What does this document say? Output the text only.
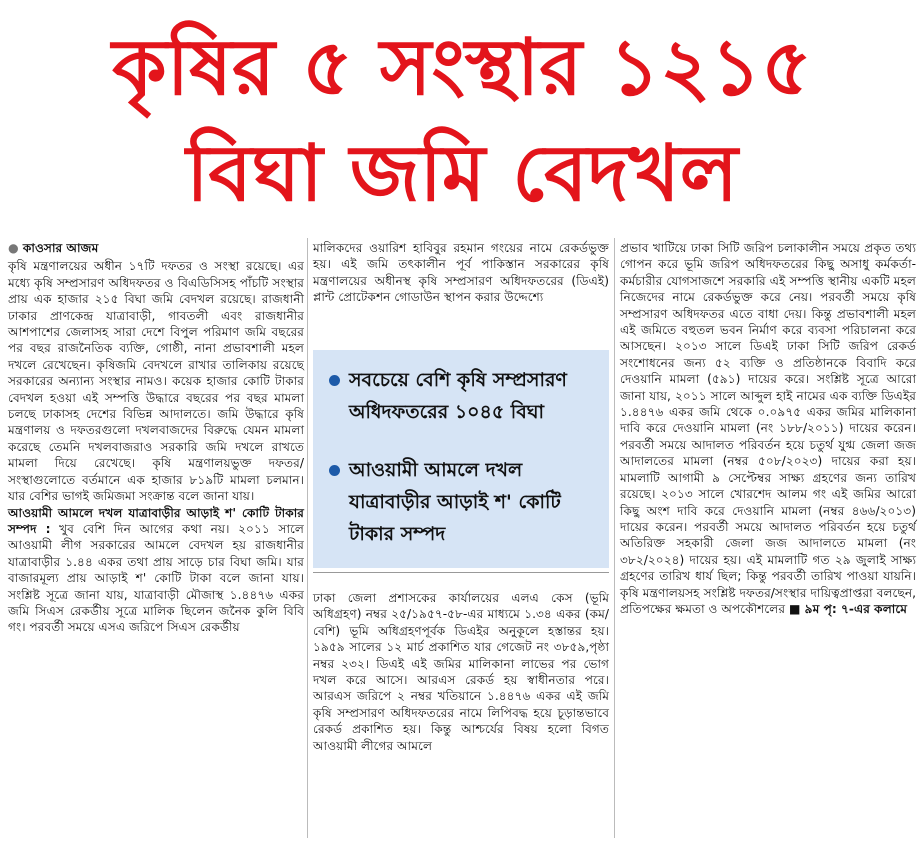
কৃষির ৫ সংস্থার ১২১৫
বিঘা জমি বেদখল
● কাওসার আজম

কৃষি মন্ত্রণালয়ের অধীন ১৭টি দফতর ও সংস্থা রয়েছে। এর মধ্যে কৃষি সম্প্রসারণ অধিদফতর ও বিএডিসিসহ পাঁচটি সংস্থার প্রায় এক হাজার ২১৫ বিঘা জমি বেদখল রয়েছে। রাজধানী ঢাকার প্রাণকেন্দ্র যাত্রাবাড়ী, গাবতলী এবং রাজধানীর আশপাশের জেলাসহ সারা দেশে বিপুল পরিমাণ জমি বছরের পর বছর রাজনৈতিক ব্যক্তি, গোষ্ঠী, নানা প্রভাবশালী মহল দখলে রেখেছেন। কৃষিজমি বেদখলে রাখার তালিকায় রয়েছে সরকারের অন্যান্য সংস্থার নামও। কয়েক হাজার কোটি টাকার বেদখল হওয়া এই সম্পত্তি উদ্ধারে বছরের পর বছর মামলা চলছে ঢাকাসহ দেশের বিভিন্ন আদালতে। জমি উদ্ধারে কৃষি মন্ত্রণালয় ও দফতরগুলো দখলবাজদের বিরুদ্ধে যেমন মামলা করেছে তেমনি দখলবাজরাও সরকারি জমি দখলে রাখতে মামলা দিয়ে রেখেছে। কৃষি মন্ত্রণালয়ভুক্ত দফতর/সংস্থাগুলোতে বর্তমানে এক হাজার ৮১৯টি মামলা চলমান। যার বেশির ভাগই জমিজমা সংক্রান্ত বলে জানা যায়।

আওয়ামী আমলে দখল যাত্রাবাড়ীর আড়াই শ' কোটি টাকার সম্পদ : খুব বেশি দিন আগের কথা নয়। ২০১১ সালে আওয়ামী লীগ সরকারের আমলে বেদখল হয় রাজধানীর যাত্রাবাড়ীর ১.৪৪ একর তথা প্রায় সাড়ে চার বিঘা জমি। যার বাজারমূল্য প্রায় আড়াই শ' কোটি টাকা বলে জানা যায়। সংশ্লিষ্ট সূত্রে জানা যায়, যাত্রাবাড়ী মৌজাস্থ ১.৪৪৭৬ একর জমি সিএস রেকর্ডীয় সূত্রে মালিক ছিলেন জনৈক কুলি বিবি গং। পরবর্তী সময়ে এসএ জরিপে সিএস রেকর্ডীয়

মালিকদের ওয়ারিশ হাবিবুর রহমান গংয়ের নামে রেকর্ডভুক্ত হয়। এই জমি তৎকালীন পূর্ব পাকিস্তান সরকারের কৃষি মন্ত্রণালয়ের অধীনস্থ কৃষি সম্প্রসারণ অধিদফতরের (ডিএই) প্লান্ট প্রোটেকশন গোডাউন স্থাপন করার উদ্দেশ্যে

সবচেয়ে বেশি কৃষি সম্প্রসারণ অধিদফতরের ১০৪৫ বিঘা
আওয়ামী আমলে দখল যাত্রাবাড়ীর আড়াই শ' কোটি টাকার সম্পদ

ঢাকা জেলা প্রশাসকের কার্যালয়ের এলএ কেস (ভূমি অধিগ্রহণ) নম্বর ২৫/১৯৫৭-৫৮-এর মাধ্যমে ১.৩৪ একর (কম/বেশি) ভূমি অধিগ্রহণপূর্বক ডিএইর অনুকূলে হস্তান্তর হয়। ১৯৫৯ সালের ১২ মার্চ প্রকাশিত যার গেজেট নং ৩৮৫৯,পৃষ্ঠা নম্বর ২৩২। ডিএই এই জমির মালিকানা লাভের পর ভোগ দখল করে আসে। আরএস রেকর্ড হয় স্বাধীনতার পরে। আরএস জরিপে ২ নম্বর খতিয়ানে ১.৪৪৭৬ একর এই জমি কৃষি সম্প্রসারণ অধিদফতরের নামে লিপিবদ্ধ হয়ে চূড়ান্তভাবে রেকর্ড প্রকাশিত হয়। কিন্তু আশ্চর্যের বিষয় হলো বিগত আওয়ামী লীগের আমলে

প্রভাব খাটিয়ে ঢাকা সিটি জরিপ চলাকালীন সময়ে প্রকৃত তথ্য গোপন করে ভূমি জরিপ অধিদফতরের কিছু অসাধু কর্মকর্তা-কর্মচারীর যোগসাজশে সরকারি এই সম্পত্তি স্থানীয় একটি মহল নিজেদের নামে রেকর্ডভুক্ত করে নেয়। পরবর্তী সময়ে কৃষি সম্প্রসারণ অধিদফতর এতে বাধা দেয়। কিন্তু প্রভাবশালী মহল এই জমিতে বহুতল ভবন নির্মাণ করে ব্যবসা পরিচালনা করে আসছেন। ২০১৩ সালে ডিএই ঢাকা সিটি জরিপ রেকর্ড সংশোধনের জন্য ৫২ ব্যক্তি ও প্রতিষ্ঠানকে বিবাদি করে দেওয়ানি মামলা (৫৯১) দায়ের করে। সংশ্লিষ্ট সূত্রে আরো জানা যায়, ২০১১ সালে আব্দুল হাই নামের এক ব্যক্তি ডিএইর ১.৪৪৭৬ একর জমি থেকে ০.০৯৭৫ একর জমির মালিকানা দাবি করে দেওয়ানি মামলা (নং ১৮৮/২০১১) দায়ের করেন। পরবর্তী সময়ে আদালত পরিবর্তন হয়ে চতুর্থ যুগ্ম জেলা জজ আদালতের মামলা (নম্বর ৫০৮/২০২৩) দায়ের করা হয়। মামলাটি আগামী ৯ সেপ্টেম্বর সাক্ষ্য গ্রহণের জন্য তারিখ রয়েছে। ২০১৩ সালে খোরশেদ আলম গং এই জমির আরো কিছু অংশ দাবি করে দেওয়ানি মামলা (নম্বর ৪৬৬/২০১৩) দায়ের করেন। পরবর্তী সময়ে আদালত পরিবর্তন হয়ে চতুর্থ অতিরিক্ত সহকারী জেলা জজ আদালতে মামলা (নং ৩৮২/২০২৪) দায়ের হয়। এই মামলাটি গত ২৯ জুলাই সাক্ষ্য গ্রহণের তারিখ ধার্য ছিল; কিন্তু পরবর্তী তারিখ পাওয়া যায়নি। কৃষি মন্ত্রণালয়সহ সংশ্লিষ্ট দফতর/সংস্থার দায়িত্বপ্রাপ্তরা বলছেন, প্রতিপক্ষের ক্ষমতা ও অপকৌশলের ■ ৯ম পৃ: ৭-এর কলামে
